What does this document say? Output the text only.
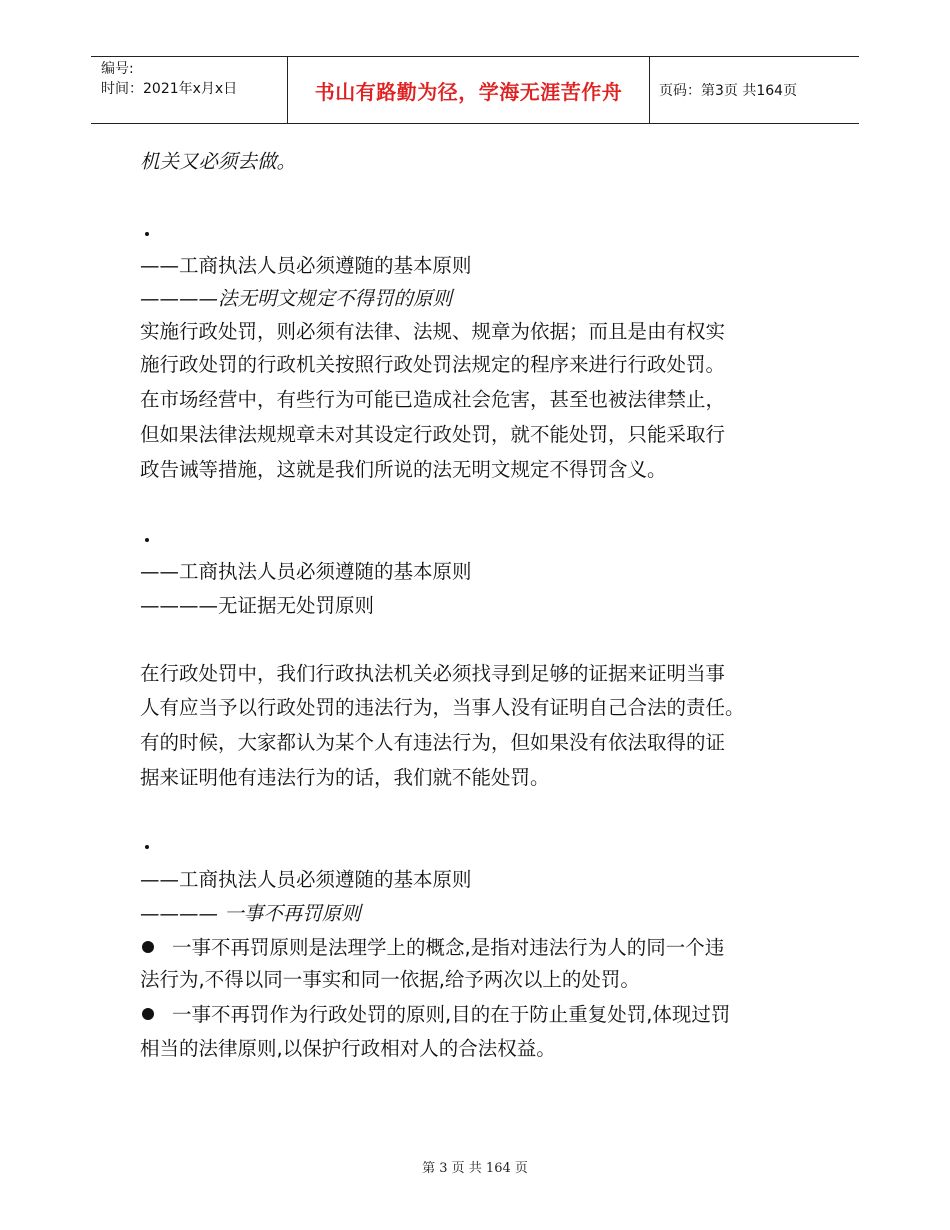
编号:
时间：2021年x月x日	书山有路勤为径，学海无涯苦作舟	页码：第3页 共164页
机关又必须去做。
——工商执法人员必须遵随的基本原则
————法无明文规定不得罚的原则
实施行政处罚，则必须有法律、法规、规章为依据；而且是由有权实
施行政处罚的行政机关按照行政处罚法规定的程序来进行行政处罚。
在市场经营中，有些行为可能已造成社会危害，甚至也被法律禁止，
但如果法律法规规章未对其设定行政处罚，就不能处罚，只能采取行
政告诫等措施，这就是我们所说的法无明文规定不得罚含义。
——工商执法人员必须遵随的基本原则
————无证据无处罚原则
在行政处罚中，我们行政执法机关必须找寻到足够的证据来证明当事
人有应当予以行政处罚的违法行为，当事人没有证明自己合法的责任。
有的时候，大家都认为某个人有违法行为，但如果没有依法取得的证
据来证明他有违法行为的话，我们就不能处罚。
——工商执法人员必须遵随的基本原则
———— 一事不再罚原则
一事不再罚原则是法理学上的概念,是指对违法行为人的同一个违
法行为,不得以同一事实和同一依据,给予两次以上的处罚。
一事不再罚作为行政处罚的原则,目的在于防止重复处罚,体现过罚
相当的法律原则,以保护行政相对人的合法权益。
第 3 页 共 164 页
